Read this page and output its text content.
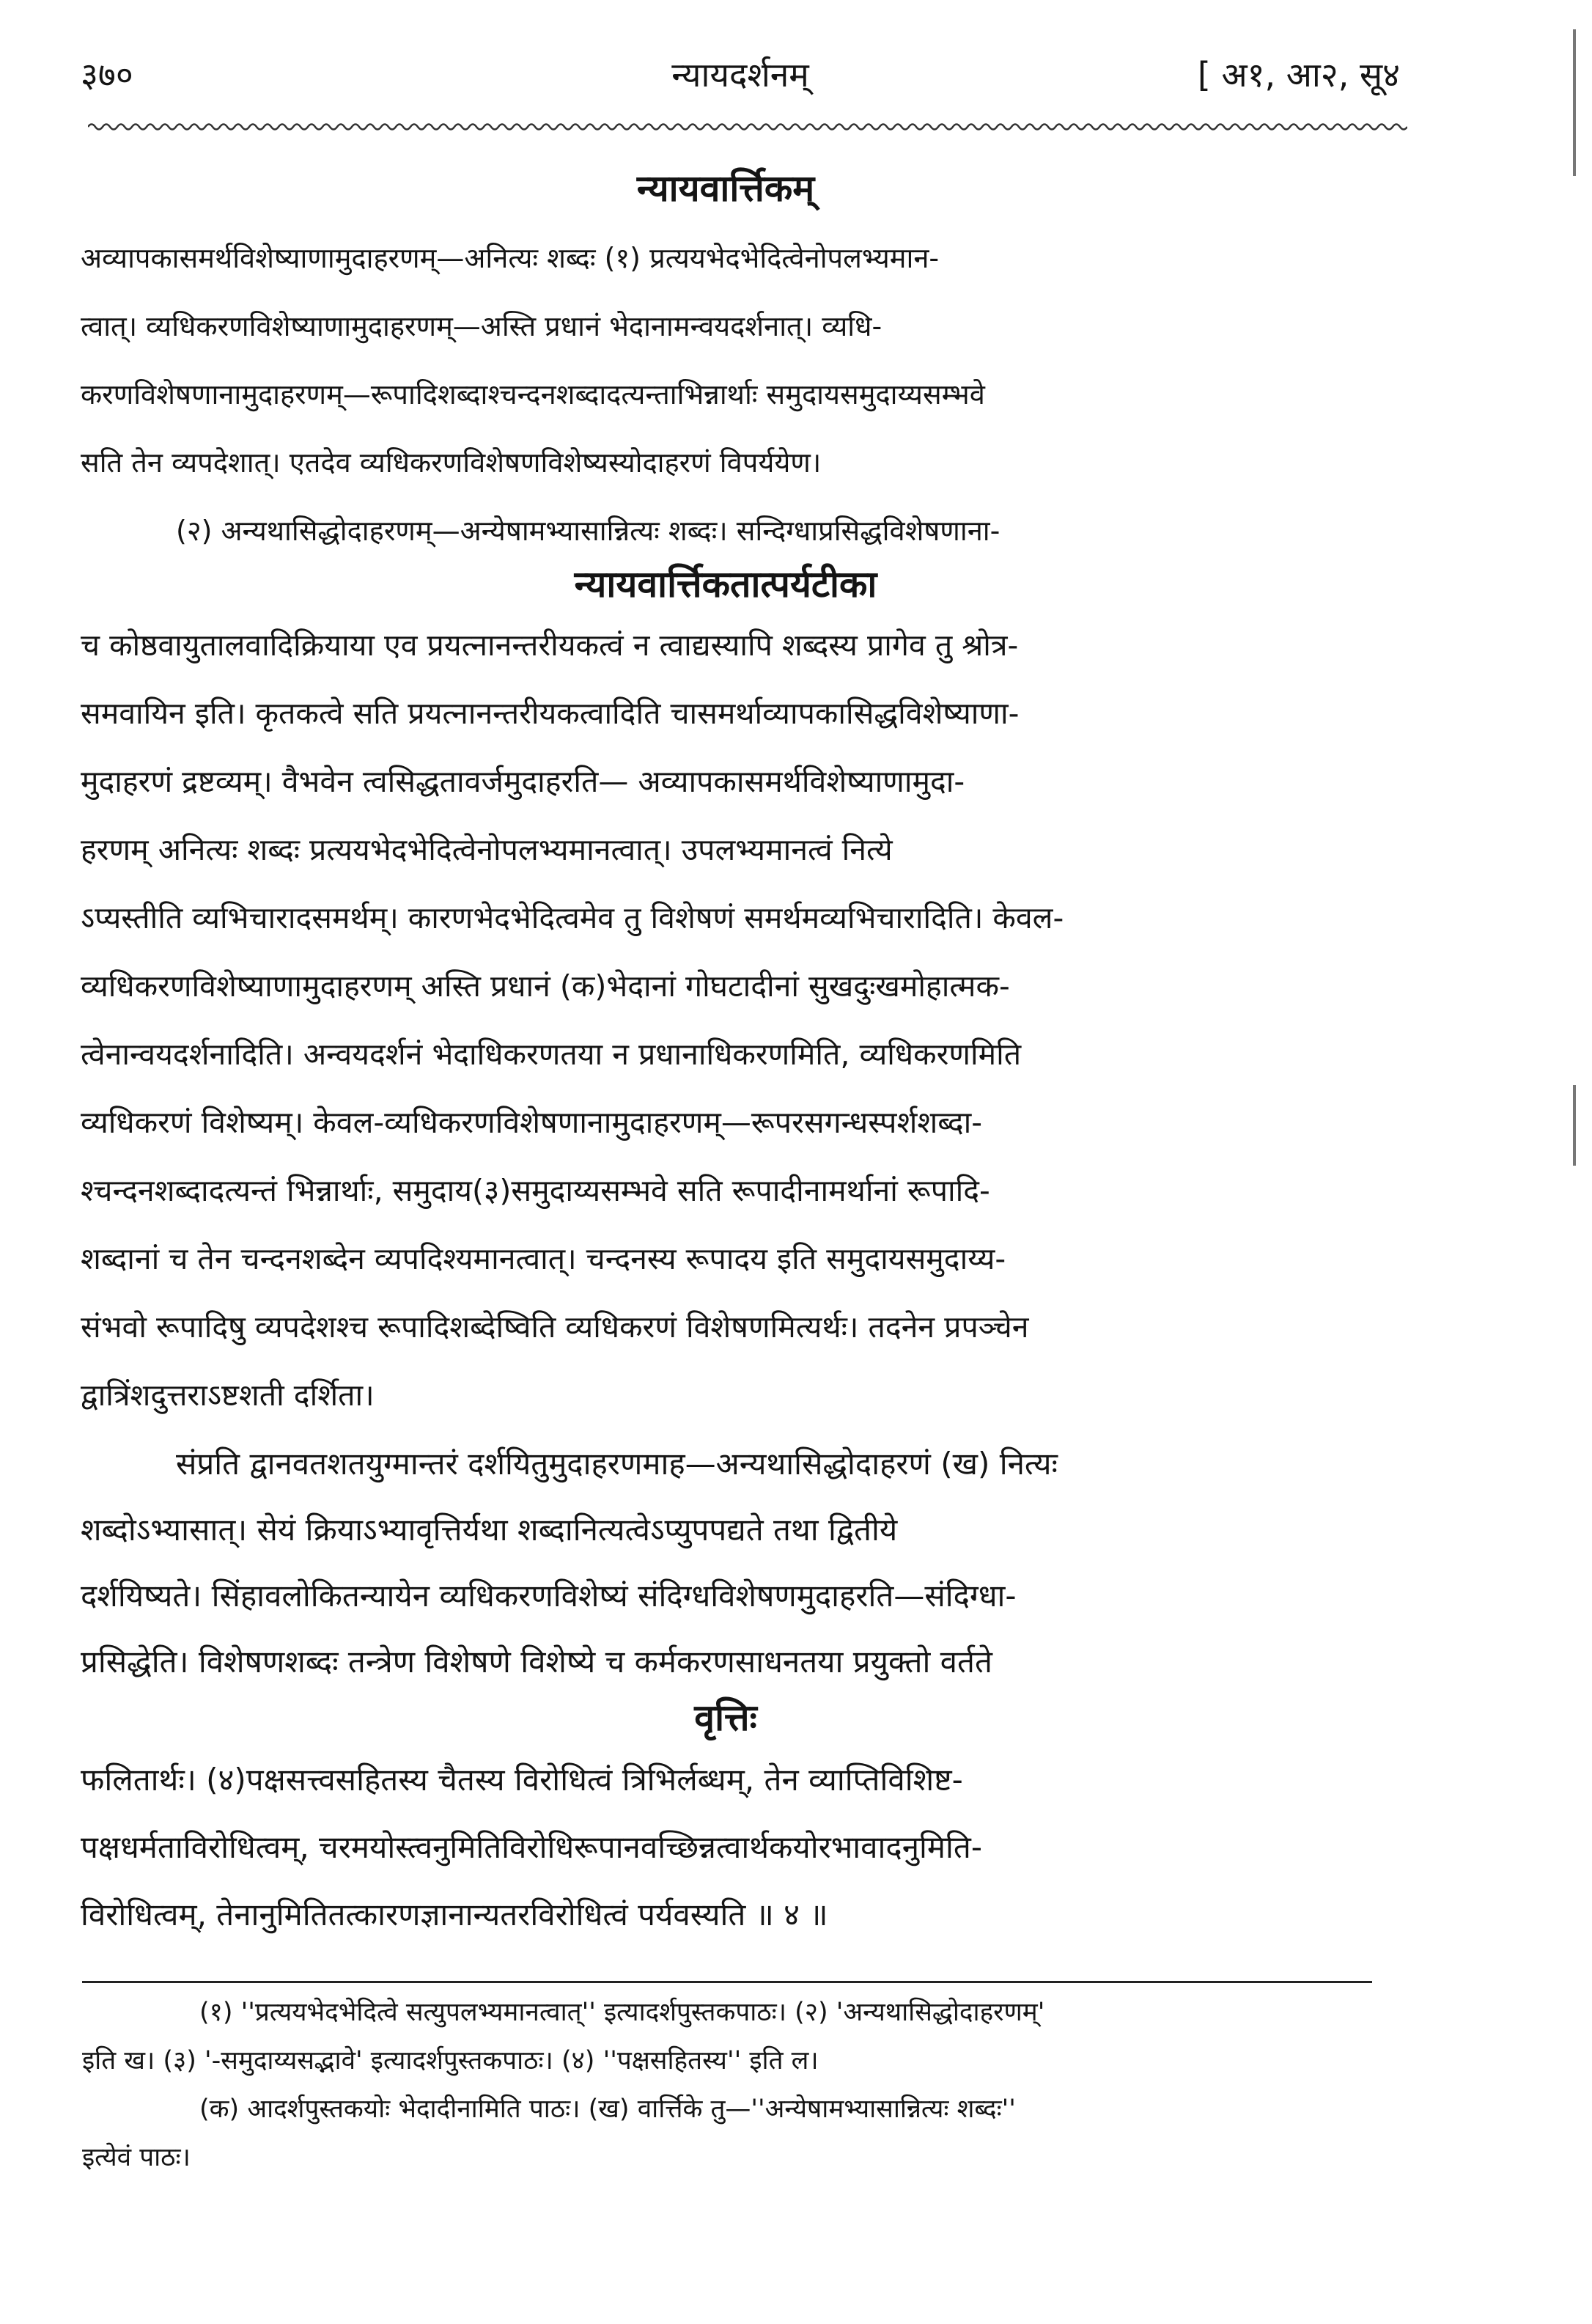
३७०	न्यायदर्शनम्	[ अ१, आ२, सू४
न्यायवार्त्तिकम्
अव्यापकासमर्थविशेष्याणामुदाहरणम्—अनित्यः शब्दः (१) प्रत्ययभेदभेदित्वेनोपलभ्यमान-
त्वात्। व्यधिकरणविशेष्याणामुदाहरणम्—अस्ति प्रधानं भेदानामन्वयदर्शनात्। व्यधि-
करणविशेषणानामुदाहरणम्—रूपादिशब्दाश्चन्दनशब्दादत्यन्ताभिन्नार्थाः समुदायसमुदाय्यसम्भवे
सति तेन व्यपदेशात्। एतदेव व्यधिकरणविशेषणविशेष्यस्योदाहरणं विपर्ययेण।
(२) अन्यथासिद्धोदाहरणम्—अन्येषामभ्यासान्नित्यः शब्दः। सन्दिग्धाप्रसिद्धविशेषणाना-
न्यायवार्त्तिकतात्पर्यटीका
च कोष्ठवायुतालवादिक्रियाया एव प्रयत्नानन्तरीयकत्वं न त्वाद्यस्यापि शब्दस्य प्रागेव तु श्रोत्र-
समवायिन इति। कृतकत्वे सति प्रयत्नानन्तरीयकत्वादिति चासमर्थाव्यापकासिद्धविशेष्याणा-
मुदाहरणं द्रष्टव्यम्। वैभवेन त्वसिद्धतावर्जमुदाहरति— अव्यापकासमर्थविशेष्याणामुदा-
हरणम् अनित्यः शब्दः प्रत्ययभेदभेदित्वेनोपलभ्यमानत्वात्। उपलभ्यमानत्वं नित्ये
ऽप्यस्तीति व्यभिचारादसमर्थम्। कारणभेदभेदित्वमेव तु विशेषणं समर्थमव्यभिचारादिति। केवल-
व्यधिकरणविशेष्याणामुदाहरणम् अस्ति प्रधानं (क)भेदानां गोघटादीनां सुखदुःखमोहात्मक-
त्वेनान्वयदर्शनादिति। अन्वयदर्शनं भेदाधिकरणतया न प्रधानाधिकरणमिति, व्यधिकरणमिति
व्यधिकरणं विशेष्यम्। केवल-व्यधिकरणविशेषणानामुदाहरणम्—रूपरसगन्धस्पर्शशब्दा-
श्चन्दनशब्दादत्यन्तं भिन्नार्थाः, समुदाय(३)समुदाय्यसम्भवे सति रूपादीनामर्थानां रूपादि-
शब्दानां च तेन चन्दनशब्देन व्यपदिश्यमानत्वात्। चन्दनस्य रूपादय इति समुदायसमुदाय्य-
संभवो रूपादिषु व्यपदेशश्च रूपादिशब्देष्विति व्यधिकरणं विशेषणमित्यर्थः। तदनेन प्रपञ्चेन
द्वात्रिंशदुत्तराऽष्टशती दर्शिता।
संप्रति द्वानवतशतयुग्मान्तरं दर्शयितुमुदाहरणमाह—अन्यथासिद्धोदाहरणं (ख) नित्यः
शब्दोऽभ्यासात्। सेयं क्रियाऽभ्यावृत्तिर्यथा शब्दानित्यत्वेऽप्युपपद्यते तथा द्वितीये
दर्शयिष्यते। सिंहावलोकितन्यायेन व्यधिकरणविशेष्यं संदिग्धविशेषणमुदाहरति—संदिग्धा-
प्रसिद्धेति। विशेषणशब्दः तन्त्रेण विशेषणे विशेष्ये च कर्मकरणसाधनतया प्रयुक्तो वर्तते
वृत्तिः
फलितार्थः। (४)पक्षसत्त्वसहितस्य चैतस्य विरोधित्वं त्रिभिर्लब्धम्, तेन व्याप्तिविशिष्ट-
पक्षधर्मताविरोधित्वम्, चरमयोस्त्वनुमितिविरोधिरूपानवच्छिन्नत्वार्थकयोरभावादनुमिति-
विरोधित्वम्, तेनानुमितितत्कारणज्ञानान्यतरविरोधित्वं पर्यवस्यति ॥ ४ ॥
(१) ''प्रत्ययभेदभेदित्वे सत्युपलभ्यमानत्वात्'' इत्यादर्शपुस्तकपाठः। (२) 'अन्यथासिद्धोदाहरणम्'
इति ख। (३) '-समुदाय्यसद्भावे' इत्यादर्शपुस्तकपाठः। (४) ''पक्षसहितस्य'' इति ल।
(क) आदर्शपुस्तकयोः भेदादीनामिति पाठः। (ख) वार्त्तिके तु—''अन्येषामभ्यासान्नित्यः शब्दः''
इत्येवं पाठः।
